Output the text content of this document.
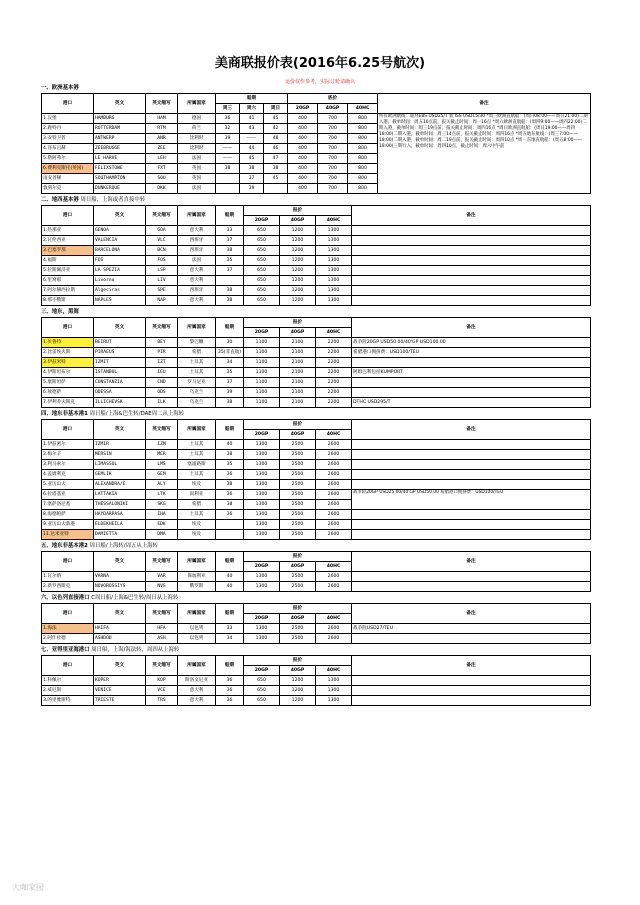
美商联报价表(2016年6.25号航次)
运价仅作参考，实际订舱请确认
一、欧洲基本港
港口	英文	英文缩写	所属国家	船期			底价			备注
				周三	周六	周日	20GP	40GP	40HC	
1.汉堡	HAMBURG	HAM	德国	36	41	45	400	700	800	所有欧洲航线：迪拜EBS USD25/T 新 ISS USD15/30 *周三欧洲直航船：(周日08:00——周日21:00)二期入港，截单时间：周五10点前，报关截止时间：周一16点 *周六欧洲直航船：(周四9:00——周四22:00)二期入港，截单时间：周三19点前，报关截止时间：周四16点 *周日欧洲直航船：(周日19:00——周四18:00)二期入港，截单时间：周三14点前，报关截止时间：周四16点 *周五地东航线：(周三7:00——18:00)二期入港，截单时间：周二19点前，报关截止时间：周四10点 *周一东地直航船：(周五8:00——18:00)三期行入，截单时间：周四10点，截止时间：周六中午前
2.鹿特丹	ROTTERDAM	RTM	荷兰	32	43	42	400	700	800	
3.安特卫普	ANTWERP	ANR	比利时	39	——	48	400	700	800	
4.泽布吕赫	ZEEBRUGGE	ZEE	比利时	——	44	46	400	700	800	
5.勒阿弗尔	LE HARVE	LEH	法国	——	45	47	400	700	800	
6.费利克斯托(英国)	FELIXSTOWE	FXT	英国	38	38	38	400	700	800	
南安普顿	SOUTHAMPTON	SOU	英国		37	45	400	700	800	
敦刻尔克	DUNKERQUE	DKK	法国		39		400	700	800	
二、地西基本港 周日船，上海或者直接中转
港口	英文	英文缩写	所属国家	船期	报价			备注
					20GP	40GP	40HC	
1.热那亚	GENOA	GOA	意大利	33	650	1200	1300	
2.瓦伦西亚	VALENCIA	VLC	西班牙	37	650	1200	1300	
3.巴塞罗那	BARCELONA	BCN	西班牙	38	650	1200	1300	
4.福斯	FOS	FOS	法国	35	650	1200	1300	
5.拉斯佩济亚	LA SPEZIA	LSP	意大利	37	650	1200	1300	
6.里窝那	Livorno	LIV	意大利		650	1200	1300	
7.阿尔赫西拉斯	Algeciras	SPE	西班牙	38	650	1200	1300	
8.那不勒斯	NAPLES	NAP	意大利	38	650	1200	1300	
三、地东，黑海
港口	英文	英文缩写	所属国家	船期	报价			备注
					20GP	40GP	40HC	
1.贝鲁特	BEIRUT	BEY	黎巴嫩	30	1100	2100	2200	战争险20GP USD50.00/40'GP USD100.00
2.比雷埃夫斯	PIRAEUS	PIR	希腊	35(非直航)	1100	2100	2200	希腊港口拥挤费：USD100/TEU
3.伊兹米特	IZMIT	IZT	土耳其	34	1100	2100	2200	
4.伊斯坦布尔	ISTANBUL	IEU	土耳其	35	1100	2100	2200	阿姆巴利包括KUMPORT
5.康斯坦萨	CONSTANZIA	CND	罗马尼亚	37	1100	2100	2200	
6.敖德萨	ODESSA	ODS	乌克兰	39	1100	2100	2200	
7.伊利乔夫斯克	ILLICHEVSK	ILK	乌克兰	38	1100	2100	2200	DTHC USD295/T
四、地东非基本港1 周日船/上海&巴生转/DAE周二从上海转
港口	英文	英文缩写	所属国家	船期	报价			备注
					20GP	40GP	40HC	
1.伊兹密尔	IZMIR	IZM	土耳其	40	1300	2500	2600	
2.梅尔辛	MERSIN	MER	土耳其	38	1300	2500	2600	
3.利马索尔	LIMASSOL	LMS	塞浦路斯	35	1300	2500	2600	
4.盖姆利克	GEMLIK	GEM	土耳其	36	1300	2500	2600	
5.亚历山大	ALEXANDRA/E	ALY	埃及	38	1300	2500	2600	
6.拉塔基亚	LATTAKIA	LTK	叙利亚	36	1300	2500	2600	战争险20GP USD25.00/40'GP USD50.00 希腊港口拥挤费：USD100/TEU
7.塞萨洛尼基	THESSALONIKI	SKG	希腊	38	1300	2500	2600	
8.海德帕萨	HAYDARPASA	IHA	土耳其	36	1300	2500	2600	
9.亚历山大新港	ELDEKHEILA	EDK	埃及		1300	2500	2600	
11.达米亚特	DAMIETTA	DMA	埃及		1300	2500	2600	
五、地东非基本港2 周日船/上海转/周五从上海转
港口	英文	英文缩写	所属国家	船期	报价			备注
					20GP	40GP	40HC	
1.瓦尔纳	VARNA	VAR	保加利亚	40	1300	2500	2600	
2.新罗西斯克	NOVOROSSIYS	NVS	俄罗斯	40	1300	2500	2600	
六、以色列直接港口 C周日船/上海&巴生转/周日从上海转
港口	英文	英文缩写	所属国家	船期	报价			备注
					20GP	40GP	40HC	
1.海法	HAIFA	HFA	以色列	33	1300	2500	2600	战争险USD27/TEU
2.阿什杜德	ASHDOD	ASH	以色列	34	1300	2500	2600	
七、亚得里亚海港口 周日船，上海/海法转，周四从上海转
港口	英文	英文缩写	所属国家	船期	报价			备注
					20GP	40GP	40HC	
1.科佩尔	KOPER	KOP	斯洛文尼亚	36	650	1200	1300	
2.威尼斯	VENICE	VCE	意大利	36	650	1200	1300	
3.的里雅斯特	TRIESTE	TRS	意大利	36	650	1200	1300	
大咖家园
